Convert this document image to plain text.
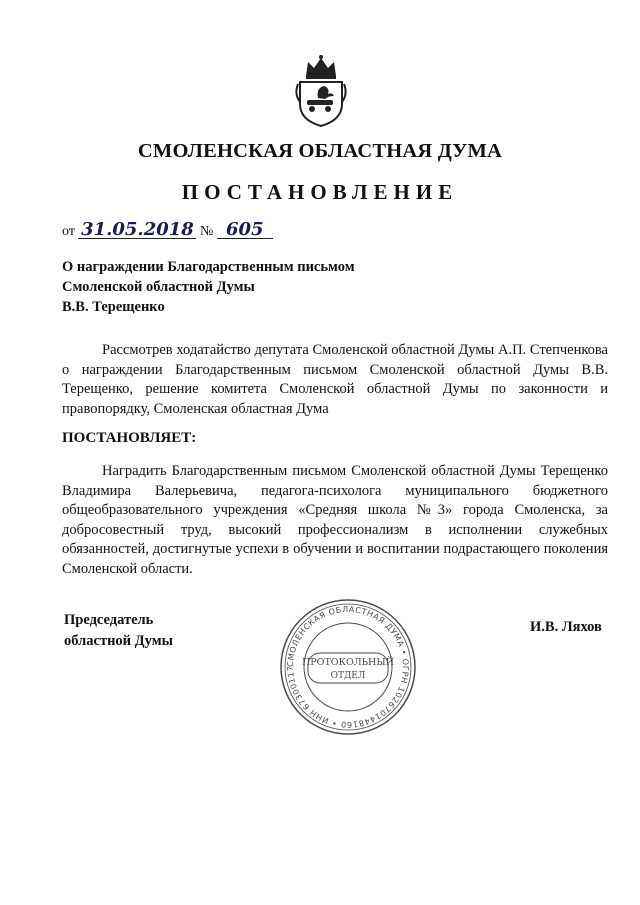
СМОЛЕНСКАЯ ОБЛАСТНАЯ ДУМА
ПОСТАНОВЛЕНИЕ
от 31.05.2018 № 605
О награждении Благодарственным письмом
Смоленской областной Думы
В.В. Терещенко
Рассмотрев ходатайство депутата Смоленской областной Думы А.П. Степченкова о награждении Благодарственным письмом Смоленской областной Думы В.В. Терещенко, решение комитета Смоленской областной Думы по законности и правопорядку, Смоленская областная Дума
ПОСТАНОВЛЯЕТ:
Наградить Благодарственным письмом Смоленской областной Думы Терещенко Владимира Валерьевича, педагога-психолога муниципального бюджетного общеобразовательного учреждения «Средняя школа №3» города Смоленска, за добросовестный труд, высокий профессионализм в исполнении служебных обязанностей, достигнутые успехи в обучении и воспитании подрастающего поколения Смоленской области.
Председатель
областной Думы
И.В. Ляхов
СМОЛЕНСКАЯ ОБЛАСТНАЯ ДУМА • ОГРН 1026701448160 • ИНН 67300117
ПРОТОКОЛЬНЫЙ
ОТДЕЛ
